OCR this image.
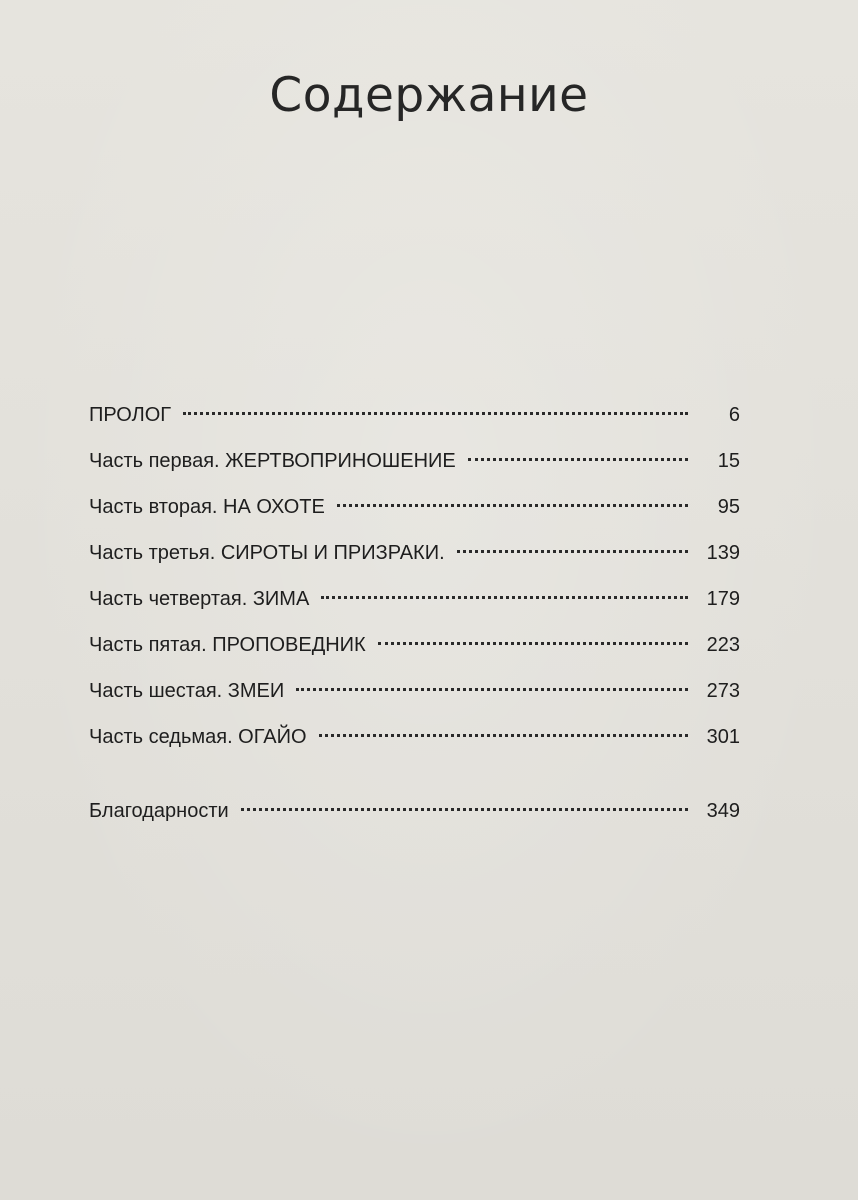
Содержание
ПРОЛОГ	6
Часть первая. ЖЕРТВОПРИНОШЕНИЕ	15
Часть вторая. НА ОХОТЕ	95
Часть третья. СИРОТЫ И ПРИЗРАКИ.	139
Часть четвертая. ЗИМА	179
Часть пятая. ПРОПОВЕДНИК	223
Часть шестая. ЗМЕИ	273
Часть седьмая. ОГАЙО	301
Благодарности	349
